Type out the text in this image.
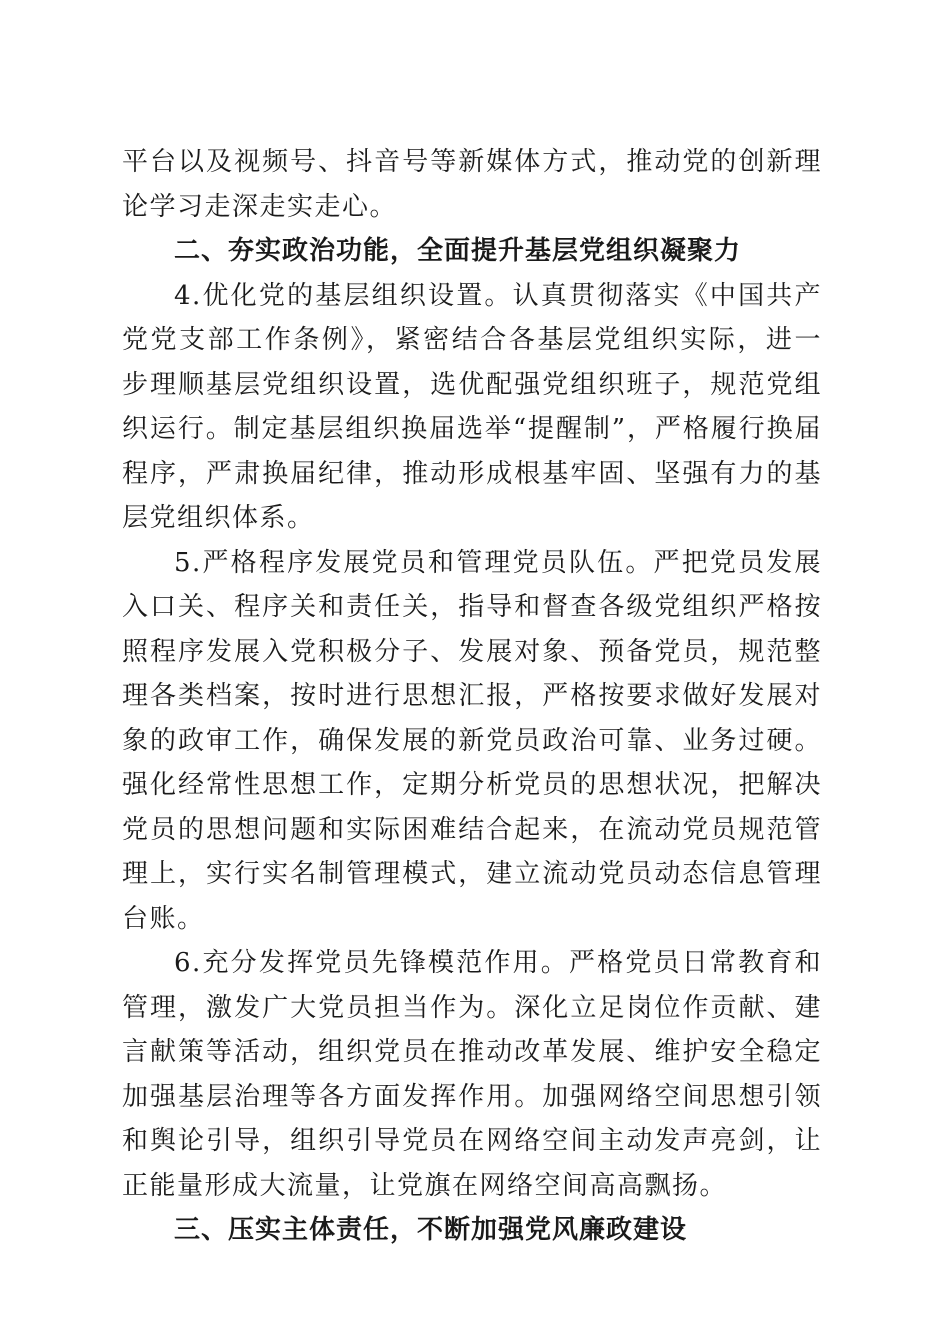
平台以及视频号、抖音号等新媒体方式，推动党的创新理论学习走深走实走心。

二、夯实政治功能，全面提升基层党组织凝聚力

4.优化党的基层组织设置。认真贯彻落实《中国共产党党支部工作条例》，紧密结合各基层党组织实际，进一步理顺基层党组织设置，选优配强党组织班子，规范党组织运行。制定基层组织换届选举“提醒制”，严格履行换届程序，严肃换届纪律，推动形成根基牢固、坚强有力的基层党组织体系。

5.严格程序发展党员和管理党员队伍。严把党员发展入口关、程序关和责任关，指导和督查各级党组织严格按照程序发展入党积极分子、发展对象、预备党员，规范整理各类档案，按时进行思想汇报，严格按要求做好发展对象的政审工作，确保发展的新党员政治可靠、业务过硬。强化经常性思想工作，定期分析党员的思想状况，把解决党员的思想问题和实际困难结合起来，在流动党员规范管理上，实行实名制管理模式，建立流动党员动态信息管理台账。

6.充分发挥党员先锋模范作用。严格党员日常教育和管理，激发广大党员担当作为。深化立足岗位作贡献、建言献策等活动，组织党员在推动改革发展、维护安全稳定加强基层治理等各方面发挥作用。加强网络空间思想引领和舆论引导，组织引导党员在网络空间主动发声亮剑，让正能量形成大流量，让党旗在网络空间高高飘扬。

三、压实主体责任，不断加强党风廉政建设
